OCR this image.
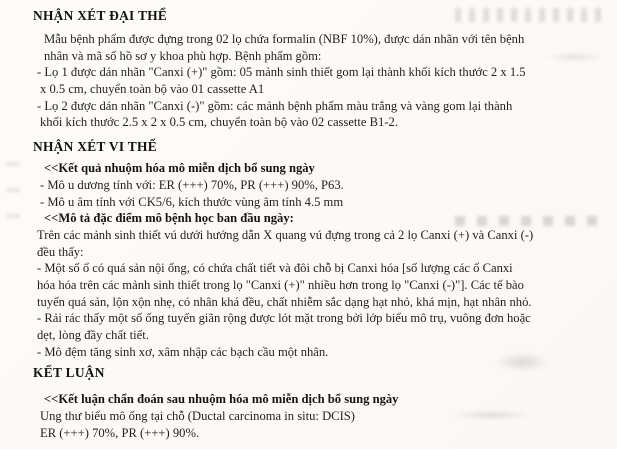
NHẬN XÉT ĐẠI THỂ
Mẫu bệnh phẩm được đựng trong 02 lọ chứa formalin (NBF 10%), được dán nhãn với tên bệnh
nhân và mã số hồ sơ y khoa phù hợp. Bệnh phẩm gồm:
- Lọ 1 được dán nhãn "Canxi (+)" gồm: 05 mảnh sinh thiết gom lại thành khối kích thước 2 x 1.5
x 0.5 cm, chuyển toàn bộ vào 01 cassette A1
- Lọ 2 được dán nhãn "Canxi (-)" gồm: các mảnh bệnh phẩm màu trắng và vàng gom lại thành
khối kích thước 2.5 x 2 x 0.5 cm, chuyển toàn bộ vào 02 cassette B1-2.
NHẬN XÉT VI THỂ
<<Kết quả nhuộm hóa mô miễn dịch bổ sung ngày
- Mô u dương tính với: ER (+++) 70%, PR (+++) 90%, P63.
- Mô u âm tính với CK5/6, kích thước vùng âm tính 4.5 mm
<<Mô tả đặc điểm mô bệnh học ban đầu ngày:
Trên các mảnh sinh thiết vú dưới hướng dẫn X quang vú đựng trong cả 2 lọ Canxi (+) và Canxi (-)
đều thấy:
- Một số ổ có quá sản nội ống, có chứa chất tiết và đôi chỗ bị Canxi hóa [số lượng các ổ Canxi
hóa hóa trên các mảnh sinh thiết trong lọ "Canxi (+)" nhiều hơn trong lọ "Canxi (-)"]. Các tế bào
tuyến quá sản, lộn xộn nhẹ, có nhân khá đều, chất nhiễm sắc dạng hạt nhỏ, khá mịn, hạt nhân nhỏ.
- Rải rác thấy một số ống tuyến giãn rộng được lót mặt trong bởi lớp biểu mô trụ, vuông đơn hoặc
dẹt, lòng đầy chất tiết.
- Mô đệm tăng sinh xơ, xâm nhập các bạch cầu một nhân.
KẾT LUẬN
<<Kết luận chẩn đoán sau nhuộm hóa mô miễn dịch bổ sung ngày
Ung thư biểu mô ống tại chỗ (Ductal carcinoma in situ: DCIS)
ER (+++) 70%, PR (+++) 90%.
